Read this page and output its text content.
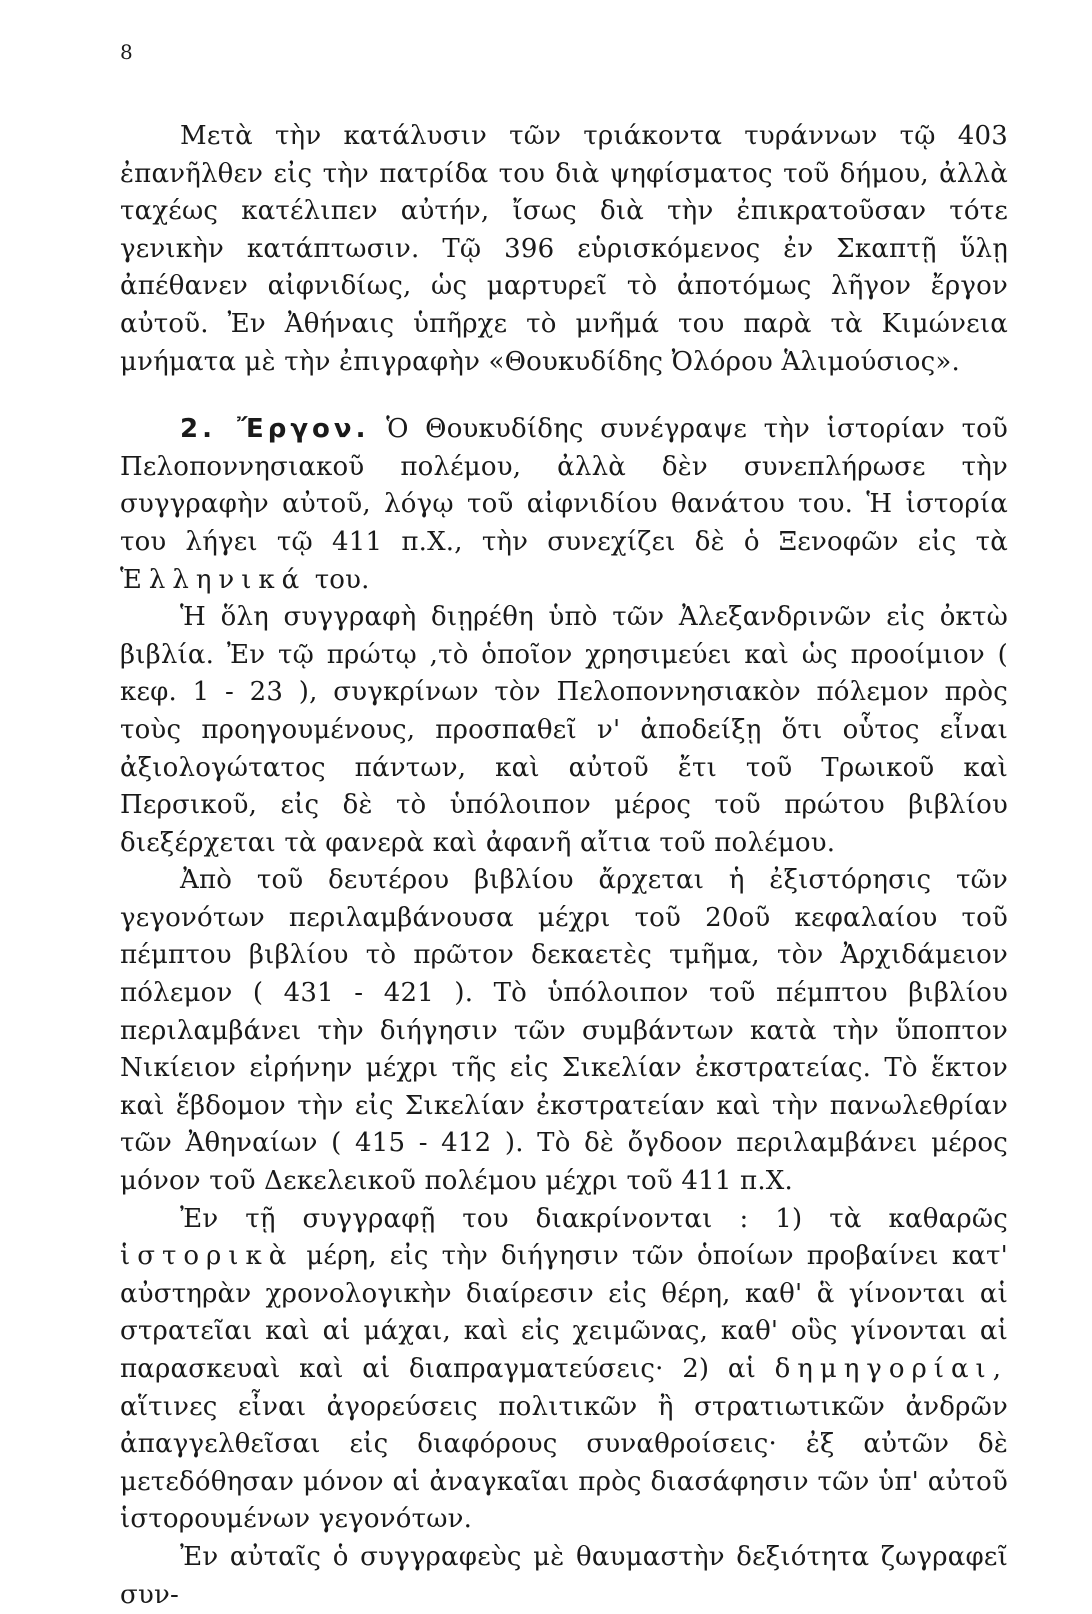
8

Μετὰ τὴν κατάλυσιν τῶν τριάκοντα τυράννων τῷ 403 ἐπανῆλθεν εἰς τὴν πατρίδα του διὰ ψηφίσματος τοῦ δήμου, ἀλλὰ ταχέως κατέλιπεν αὐτήν, ἴσως διὰ τὴν ἐπικρατοῦσαν τότε γενικὴν κατάπτωσιν. Τῷ 396 εὑρισκόμενος ἐν Σκαπτῇ ὕλῃ ἀπέθανεν αἰφνιδίως, ὡς μαρτυρεῖ τὸ ἀποτόμως λῆγον ἔργον αὐτοῦ. Ἐν Ἀθήναις ὑπῆρχε τὸ μνῆμά του παρὰ τὰ Κιμώνεια μνήματα μὲ τὴν ἐπιγραφὴν «Θουκυδίδης Ὀλόρου Ἁλιμούσιος».

2. Ἔργον. Ὁ Θουκυδίδης συνέγραψε τὴν ἱστορίαν τοῦ Πελοποννησιακοῦ πολέμου, ἀλλὰ δὲν συνεπλήρωσε τὴν συγγραφὴν αὐτοῦ, λόγῳ τοῦ αἰφνιδίου θανάτου του. Ἡ ἱστορία του λήγει τῷ 411 π.Χ., τὴν συνεχίζει δὲ ὁ Ξενοφῶν εἰς τὰ Ἑλληνικά του.

Ἡ ὅλη συγγραφὴ διῃρέθη ὑπὸ τῶν Ἀλεξανδρινῶν εἰς ὀκτὼ βιβλία. Ἐν τῷ πρώτῳ ,τὸ ὁποῖον χρησιμεύει καὶ ὡς προοίμιον ( κεφ. 1 - 23 ), συγκρίνων τὸν Πελοποννησιακὸν πόλεμον πρὸς τοὺς προηγουμένους, προσπαθεῖ ν' ἀποδείξῃ ὅτι οὗτος εἶναι ἀξιολογώτατος πάντων, καὶ αὐτοῦ ἔτι τοῦ Τρωικοῦ καὶ Περσικοῦ, εἰς δὲ τὸ ὑπόλοιπον μέρος τοῦ πρώτου βιβλίου διεξέρχεται τὰ φανερὰ καὶ ἀφανῆ αἴτια τοῦ πολέμου.

Ἀπὸ τοῦ δευτέρου βιβλίου ἄρχεται ἡ ἐξιστόρησις τῶν γεγονότων περιλαμβάνουσα μέχρι τοῦ 20οῦ κεφαλαίου τοῦ πέμπτου βιβλίου τὸ πρῶτον δεκαετὲς τμῆμα, τὸν Ἀρχιδάμειον πόλεμον ( 431 - 421 ). Τὸ ὑπόλοιπον τοῦ πέμπτου βιβλίου περιλαμβάνει τὴν διήγησιν τῶν συμβάντων κατὰ τὴν ὕποπτον Νικίειον εἰρήνην μέχρι τῆς εἰς Σικελίαν ἐκστρατείας. Τὸ ἕκτον καὶ ἕβδομον τὴν εἰς Σικελίαν ἐκστρατείαν καὶ τὴν πανωλεθρίαν τῶν Ἀθηναίων ( 415 - 412 ). Τὸ δὲ ὄγδοον περιλαμβάνει μέρος μόνον τοῦ Δεκελεικοῦ πολέμου μέχρι τοῦ 411 π.Χ.

Ἐν τῇ συγγραφῇ του διακρίνονται : 1) τὰ καθαρῶς ἱστορικὰ μέρη, εἰς τὴν διήγησιν τῶν ὁποίων προβαίνει κατ' αὐστηρὰν χρονολογικὴν διαίρεσιν εἰς θέρη, καθ' ἃ γίνονται αἱ στρατεῖαι καὶ αἱ μάχαι, καὶ εἰς χειμῶνας, καθ' οὓς γίνονται αἱ παρασκευαὶ καὶ αἱ διαπραγματεύσεις· 2) αἱ δημηγορίαι, αἵτινες εἶναι ἀγορεύσεις πολιτικῶν ἢ στρατιωτικῶν ἀνδρῶν ἀπαγγελθεῖσαι εἰς διαφόρους συναθροίσεις· ἐξ αὐτῶν δὲ μετεδόθησαν μόνον αἱ ἀναγκαῖαι πρὸς διασάφησιν τῶν ὑπ' αὐτοῦ ἱστορουμένων γεγονότων.

Ἐν αὐταῖς ὁ συγγραφεὺς μὲ θαυμαστὴν δεξιότητα ζωγραφεῖ συν-
